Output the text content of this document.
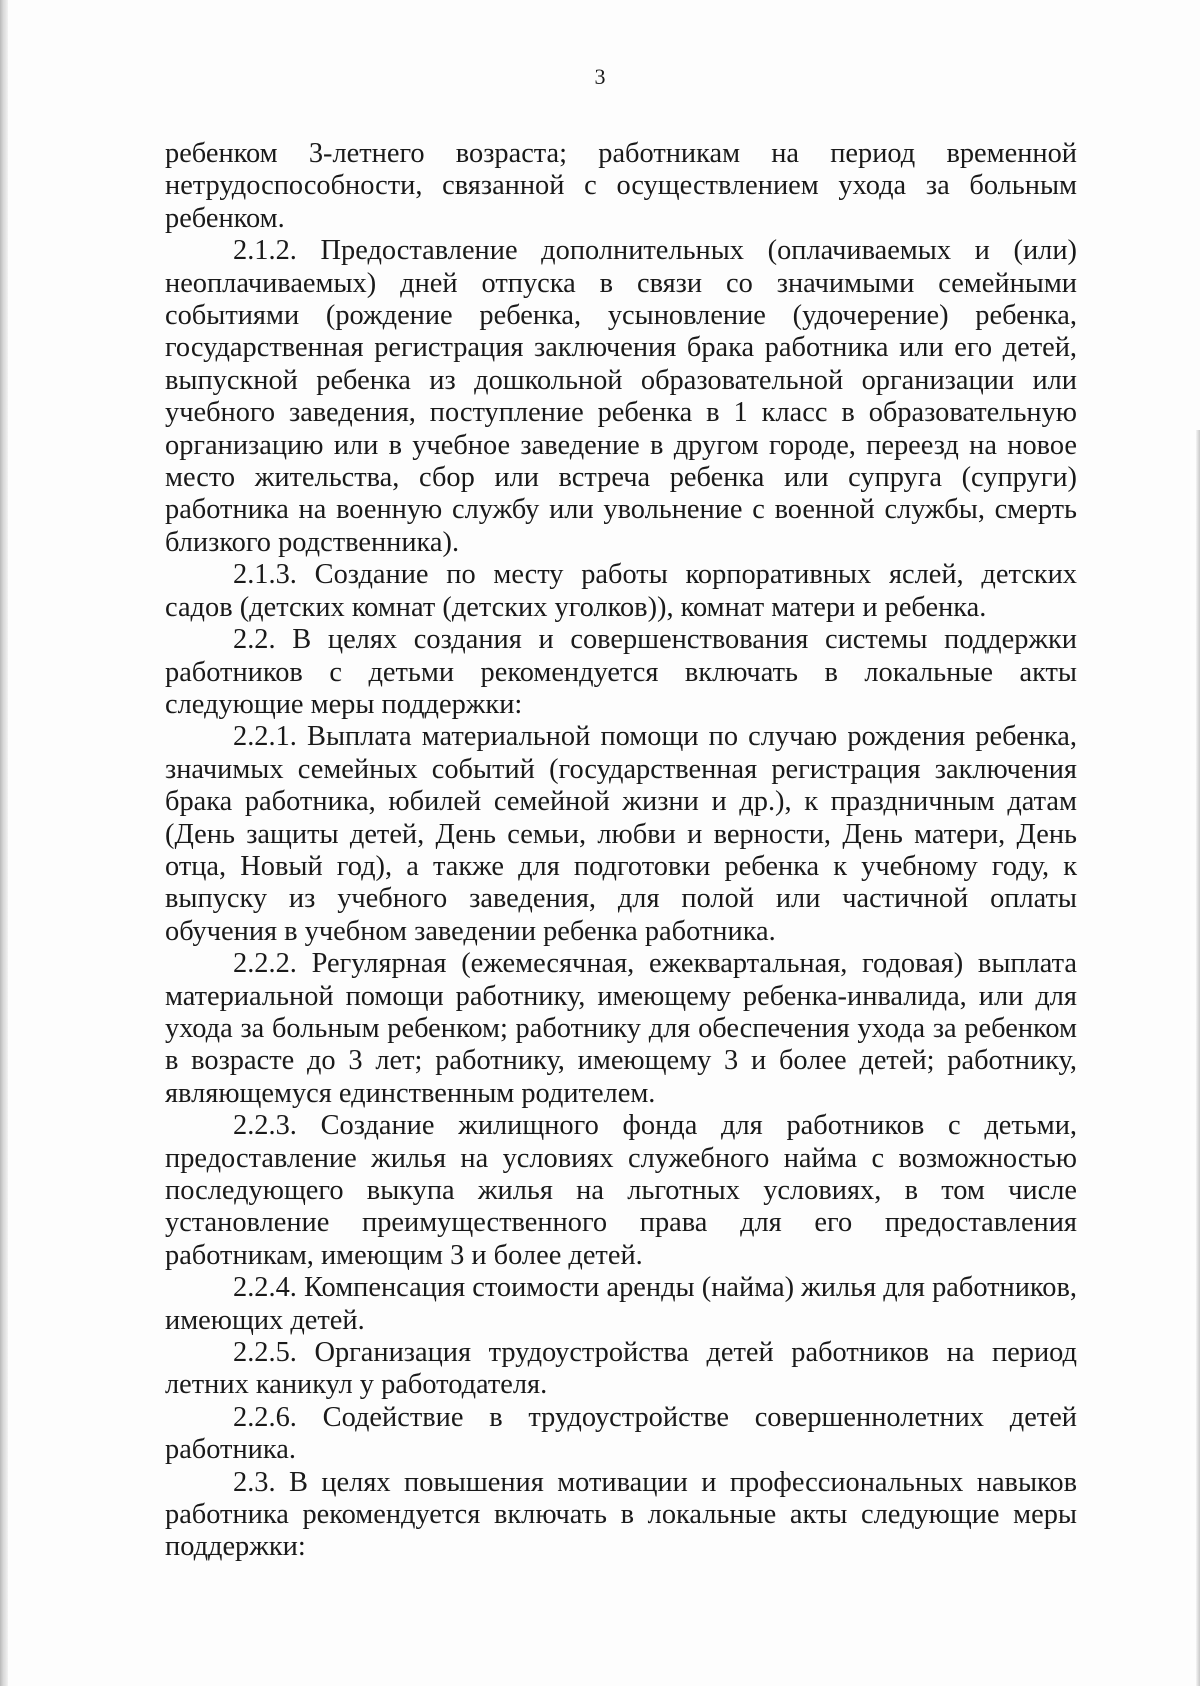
3

ребенком 3-летнего возраста; работникам на период временной нетрудоспособности, связанной с осуществлением ухода за больным ребенком.

2.1.2. Предоставление дополнительных (оплачиваемых и (или) неоплачиваемых) дней отпуска в связи со значимыми семейными событиями (рождение ребенка, усыновление (удочерение) ребенка, государственная регистрация заключения брака работника или его детей, выпускной ребенка из дошкольной образовательной организации или учебного заведения, поступление ребенка в 1 класс в образовательную организацию или в учебное заведение в другом городе, переезд на новое место жительства, сбор или встреча ребенка или супруга (супруги) работника на военную службу или увольнение с военной службы, смерть близкого родственника).

2.1.3. Создание по месту работы корпоративных яслей, детских садов (детских комнат (детских уголков)), комнат матери и ребенка.

2.2. В целях создания и совершенствования системы поддержки работников с детьми рекомендуется включать в локальные акты следующие меры поддержки:

2.2.1. Выплата материальной помощи по случаю рождения ребенка, значимых семейных событий (государственная регистрация заключения брака работника, юбилей семейной жизни и др.), к праздничным датам (День защиты детей, День семьи, любви и верности, День матери, День отца, Новый год), а также для подготовки ребенка к учебному году, к выпуску из учебного заведения, для полой или частичной оплаты обучения в учебном заведении ребенка работника.

2.2.2. Регулярная (ежемесячная, ежеквартальная, годовая) выплата материальной помощи работнику, имеющему ребенка-инвалида, или для ухода за больным ребенком; работнику для обеспечения ухода за ребенком в возрасте до 3 лет; работнику, имеющему 3 и более детей; работнику, являющемуся единственным родителем.

2.2.3. Создание жилищного фонда для работников с детьми, предоставление жилья на условиях служебного найма с возможностью последующего выкупа жилья на льготных условиях, в том числе установление преимущественного права для его предоставления работникам, имеющим 3 и более детей.

2.2.4. Компенсация стоимости аренды (найма) жилья для работников, имеющих детей.

2.2.5. Организация трудоустройства детей работников на период летних каникул у работодателя.

2.2.6. Содействие в трудоустройстве совершеннолетних детей работника.

2.3. В целях повышения мотивации и профессиональных навыков работника рекомендуется включать в локальные акты следующие меры поддержки:
